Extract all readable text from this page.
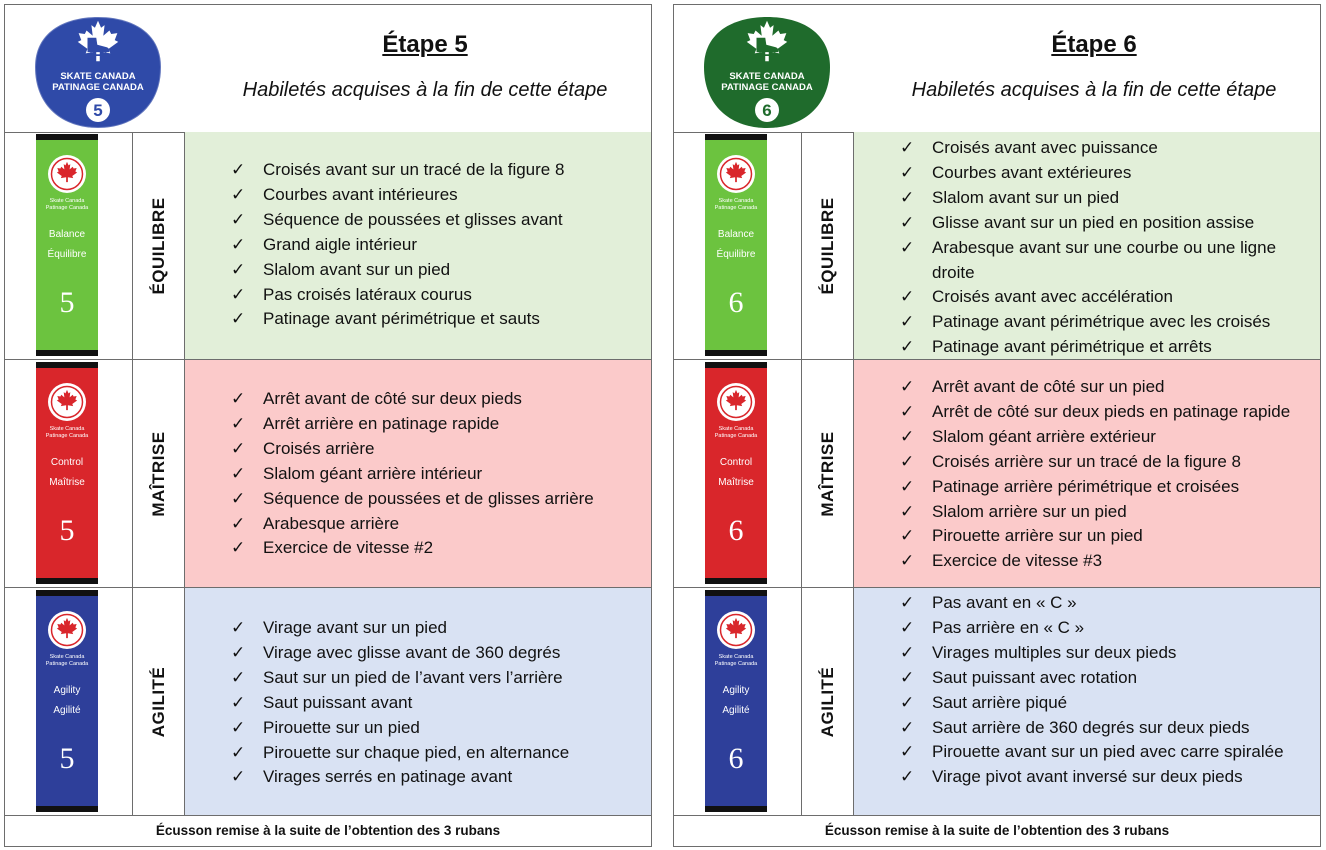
SKATE CANADA
PATINAGE CANADA
5
Étape 5
Habiletés acquises à la fin de cette étape
Skate Canada
Patinage Canada
Balance
Équilibre
5
ÉQUILIBRE
✓ Croisés avant sur un tracé de la figure 8
✓ Courbes avant intérieures
✓ Séquence de poussées et glisses avant
✓ Grand aigle intérieur
✓ Slalom avant sur un pied
✓ Pas croisés latéraux courus
✓ Patinage avant périmétrique et sauts
Skate Canada
Patinage Canada
Control
Maîtrise
5
MAÎTRISE
✓ Arrêt avant de côté sur deux pieds
✓ Arrêt arrière en patinage rapide
✓ Croisés arrière
✓ Slalom géant arrière intérieur
✓ Séquence de poussées et de glisses arrière
✓ Arabesque arrière
✓ Exercice de vitesse #2
Skate Canada
Patinage Canada
Agility
Agilité
5
AGILITÉ
✓ Virage avant sur un pied
✓ Virage avec glisse avant de 360 degrés
✓ Saut sur un pied de l’avant vers l’arrière
✓ Saut puissant avant
✓ Pirouette sur un pied
✓ Pirouette sur chaque pied, en alternance
✓ Virages serrés en patinage avant
Écusson remise à la suite de l’obtention des 3 rubans
SKATE CANADA
PATINAGE CANADA
6
Étape 6
Habiletés acquises à la fin de cette étape
Skate Canada
Patinage Canada
Balance
Équilibre
6
ÉQUILIBRE
✓ Croisés avant avec puissance
✓ Courbes avant extérieures
✓ Slalom avant sur un pied
✓ Glisse avant sur un pied en position assise
✓ Arabesque avant sur une courbe ou une ligne droite
✓ Croisés avant avec accélération
✓ Patinage avant périmétrique avec les croisés
✓ Patinage avant périmétrique et arrêts
Skate Canada
Patinage Canada
Control
Maîtrise
6
MAÎTRISE
✓ Arrêt avant de côté sur un pied
✓ Arrêt de côté sur deux pieds en patinage rapide
✓ Slalom géant arrière extérieur
✓ Croisés arrière sur un tracé de la figure 8
✓ Patinage arrière périmétrique et croisées
✓ Slalom arrière sur un pied
✓ Pirouette arrière sur un pied
✓ Exercice de vitesse #3
Skate Canada
Patinage Canada
Agility
Agilité
6
AGILITÉ
✓ Pas avant en « C »
✓ Pas arrière en « C »
✓ Virages multiples sur deux pieds
✓ Saut puissant avec rotation
✓ Saut arrière piqué
✓ Saut arrière de 360 degrés sur deux pieds
✓ Pirouette avant sur un pied avec carre spiralée
✓ Virage pivot avant inversé sur deux pieds
Écusson remise à la suite de l’obtention des 3 rubans
